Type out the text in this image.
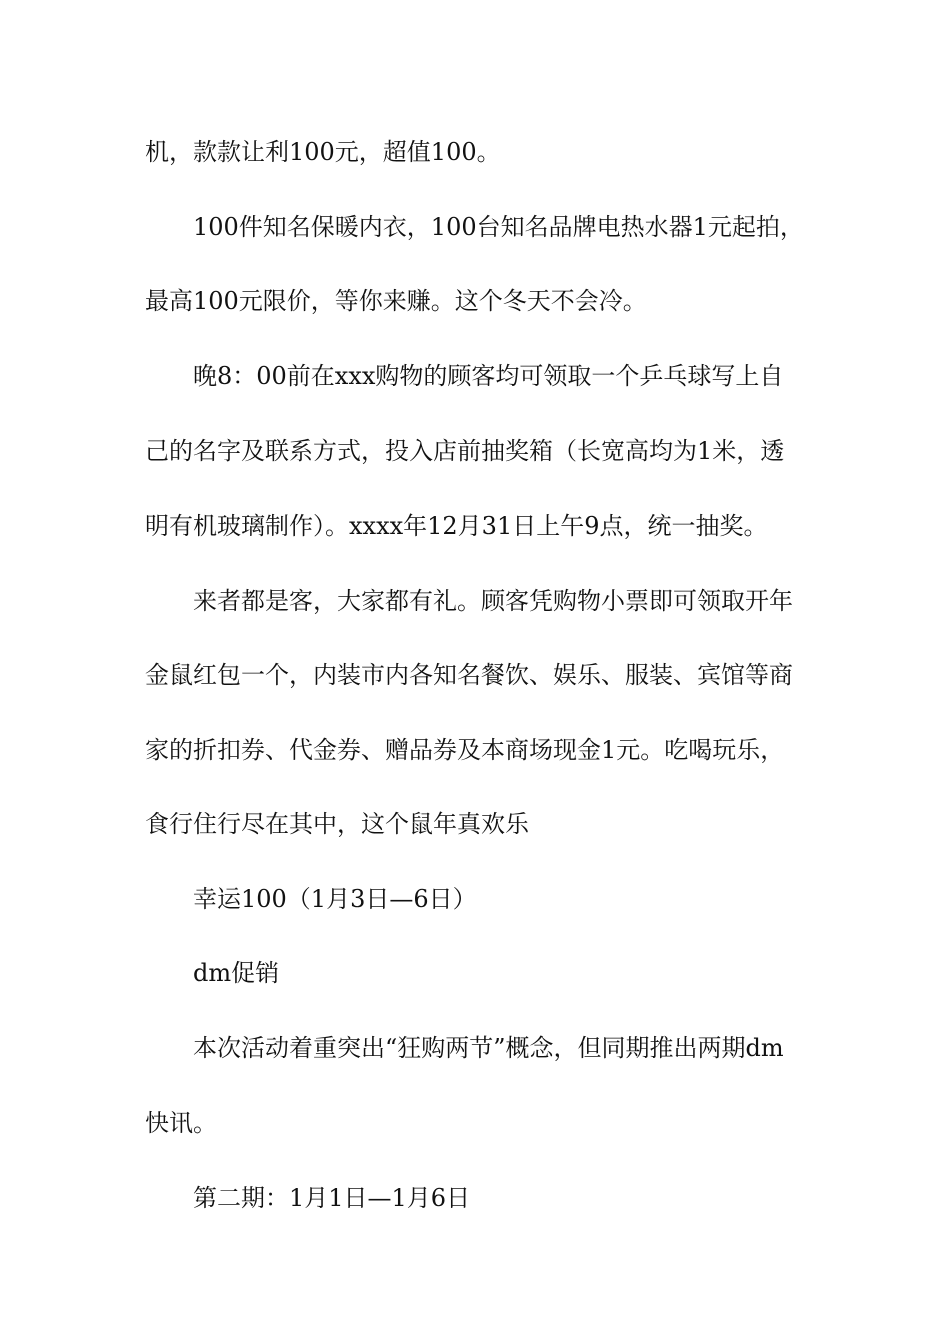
机，款款让利100元，超值100。
100件知名保暖内衣，100台知名品牌电热水器1元起拍，
最高100元限价，等你来赚。这个冬天不会冷。
晚8：00前在xxx购物的顾客均可领取一个乒乓球写上自
己的名字及联系方式，投入店前抽奖箱（长宽高均为1米，透
明有机玻璃制作）。xxxx年12月31日上午9点，统一抽奖。
来者都是客，大家都有礼。顾客凭购物小票即可领取开年
金鼠红包一个，内装市内各知名餐饮、娱乐、服装、宾馆等商
家的折扣券、代金券、赠品券及本商场现金1元。吃喝玩乐，
食行住行尽在其中，这个鼠年真欢乐
幸运100（1月3日—6日）
dm促销
本次活动着重突出“狂购两节”概念，但同期推出两期dm
快讯。
第二期：1月1日—1月6日
